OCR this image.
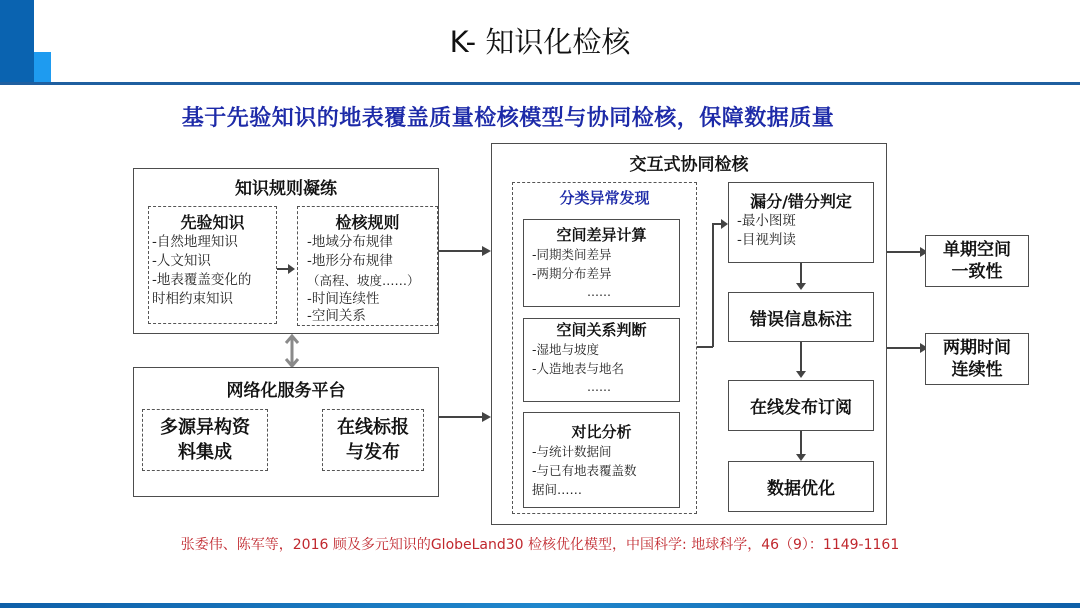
K- 知识化检核
基于先验知识的地表覆盖质量检核模型与协同检核，保障数据质量
知识规则凝练
先验知识
-自然地理知识
-人文知识
-地表覆盖变化的
时相约束知识
检核规则
-地域分布规律
-地形分布规律
（高程、坡度……）
-时间连续性
-空间关系
网络化服务平台
多源异构资
料集成
在线标报
与发布
交互式协同检核
分类异常发现
空间差异计算
-同期类间差异
-两期分布差异
……
空间关系判断
-湿地与坡度
-人造地表与地名
……
对比分析
-与统计数据间
-与已有地表覆盖数
据间……
漏分/错分判定
-最小图斑
-目视判读
错误信息标注
在线发布订阅
数据优化
单期空间
一致性
两期时间
连续性
张委伟、陈军等，2016 顾及多元知识的GlobeLand30 检核优化模型，中国科学: 地球科学，46（9）：1149-1161
